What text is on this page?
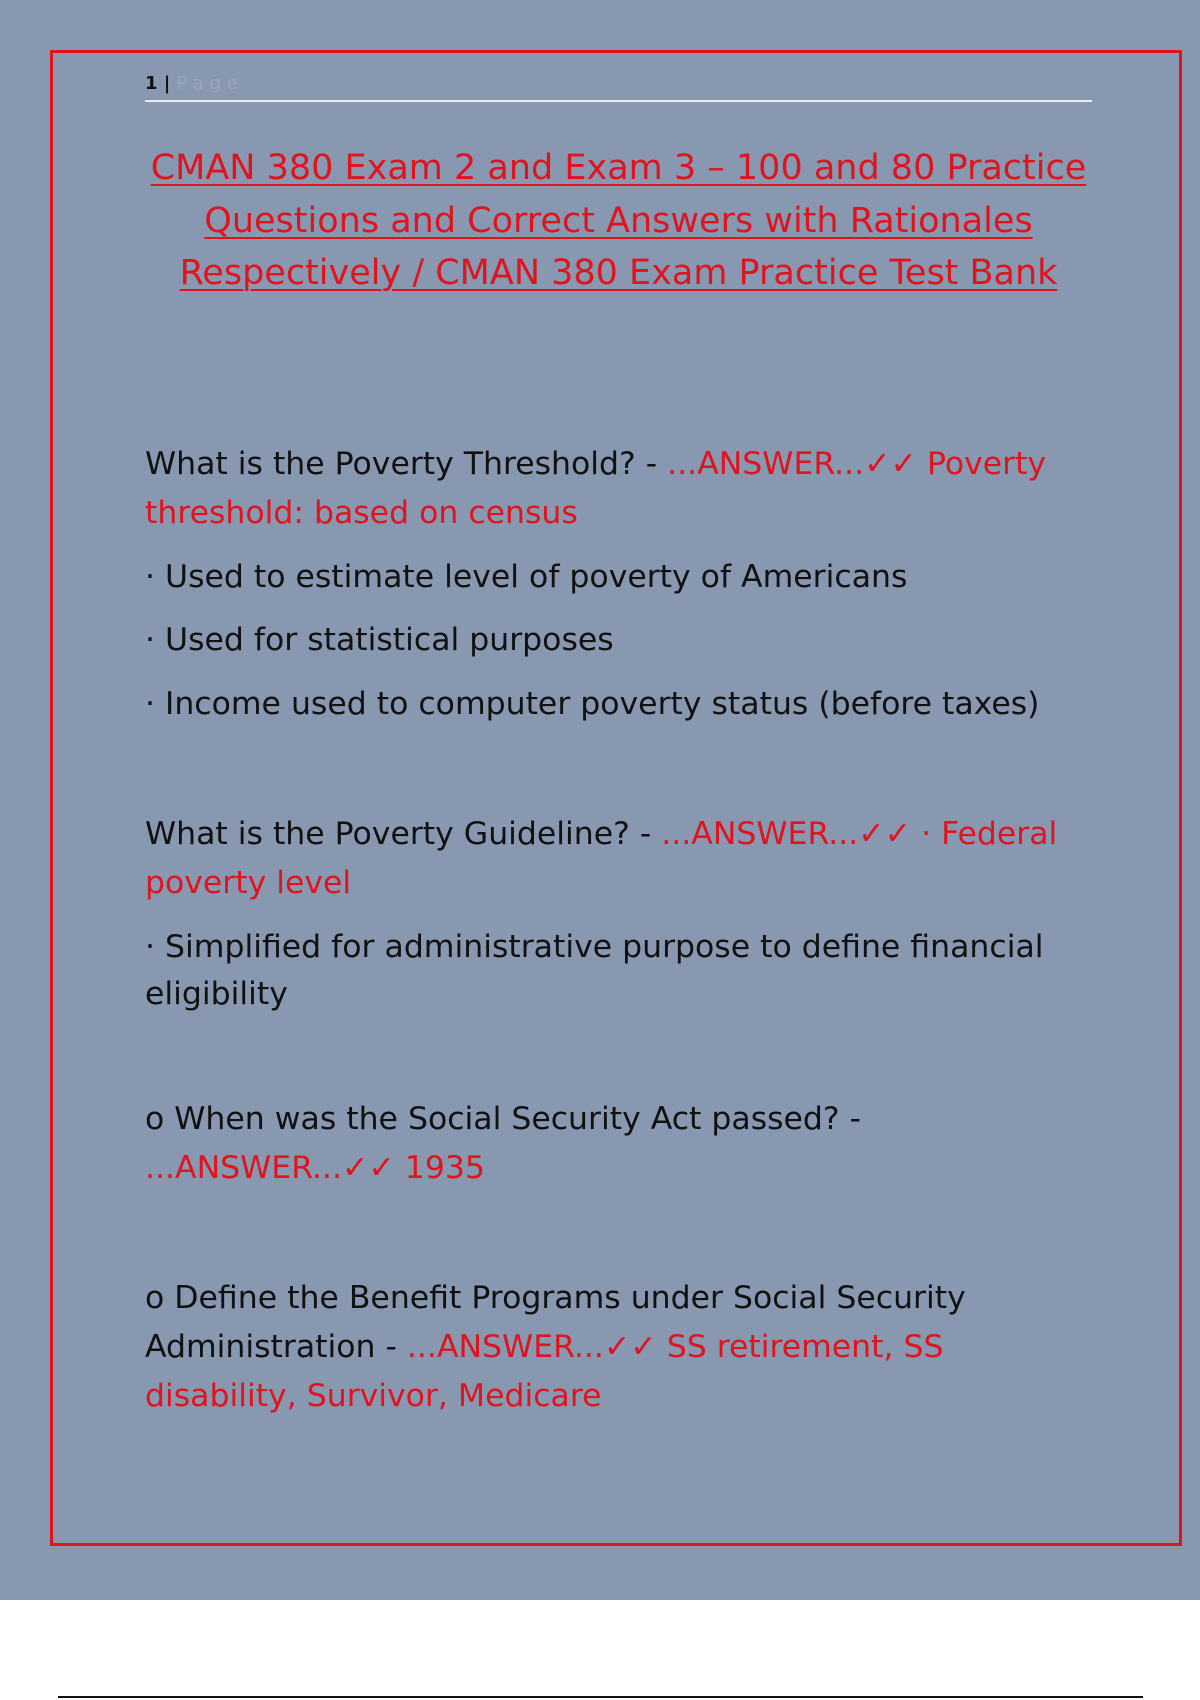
1 | Page
CMAN 380 Exam 2 and Exam 3 – 100 and 80 Practice Questions and Correct Answers with Rationales Respectively / CMAN 380 Exam Practice Test Bank
What is the Poverty Threshold? - ...ANSWER...✓✓ Poverty threshold: based on census
· Used to estimate level of poverty of Americans
· Used for statistical purposes
· Income used to computer poverty status (before taxes)
What is the Poverty Guideline? - ...ANSWER...✓✓ · Federal poverty level
· Simplified for administrative purpose to define financial eligibility
o When was the Social Security Act passed? - ...ANSWER...✓✓ 1935
o Define the Benefit Programs under Social Security Administration - ...ANSWER...✓✓ SS retirement, SS disability, Survivor, Medicare
